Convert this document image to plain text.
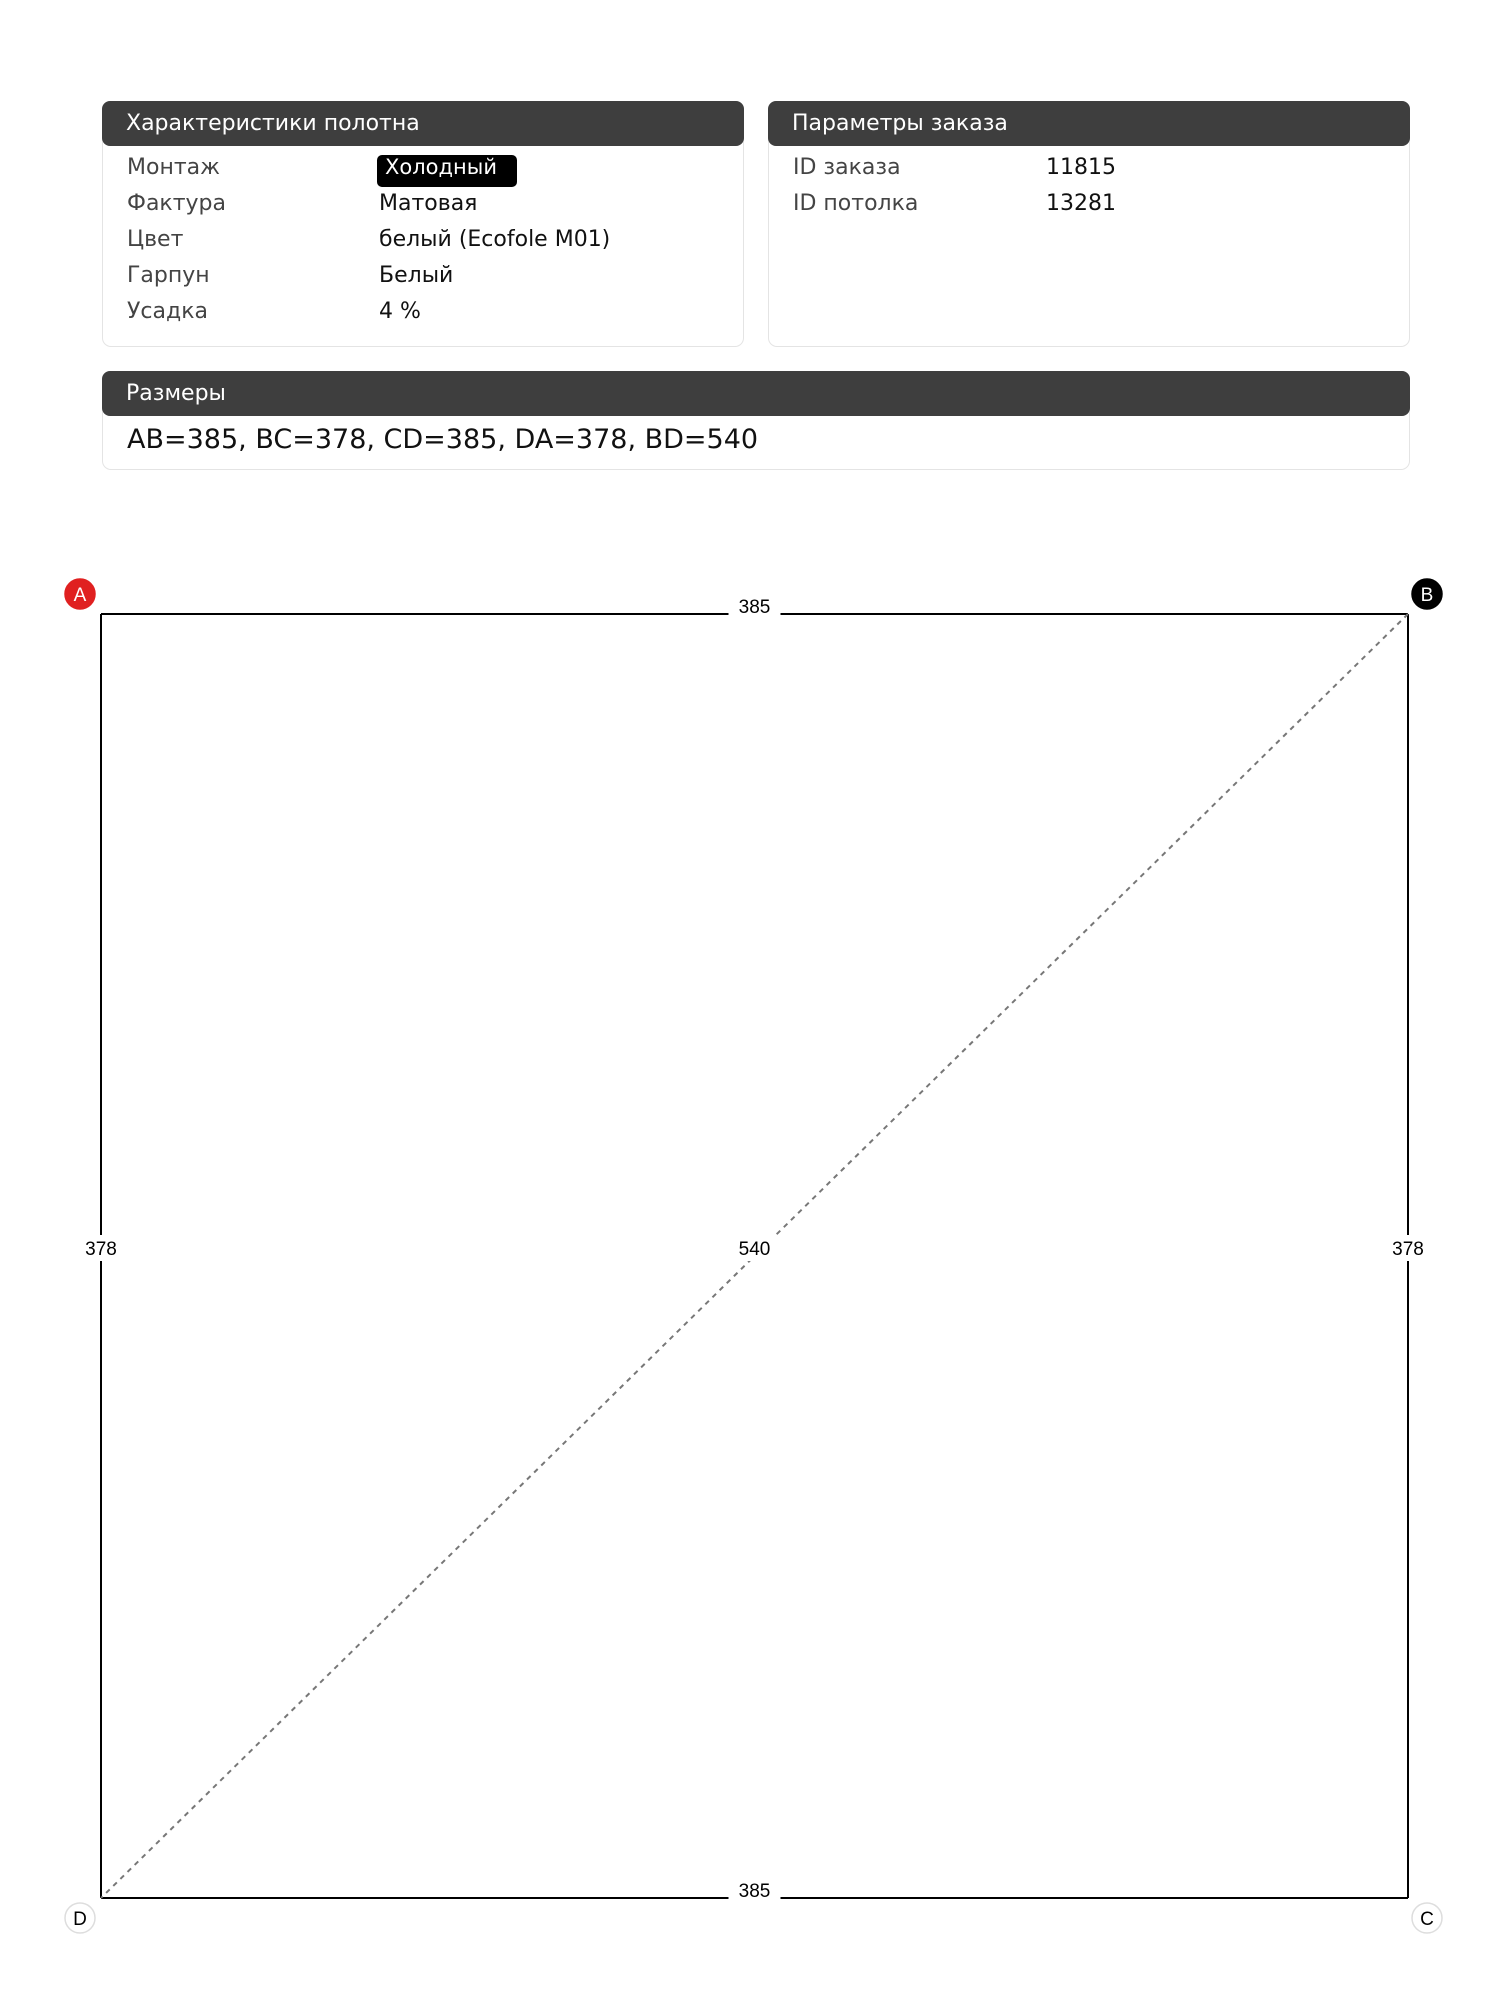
Характеристики полотна
Монтаж	Холодный
Фактура	Матовая
Цвет	белый (Ecofole M01)
Гарпун	Белый
Усадка	4 %
Параметры заказа
ID заказа	11815
ID потолка	13281
Размеры
AB=385, BC=378, CD=385, DA=378, BD=540
385
378
385
378	540
A	B
C
D
